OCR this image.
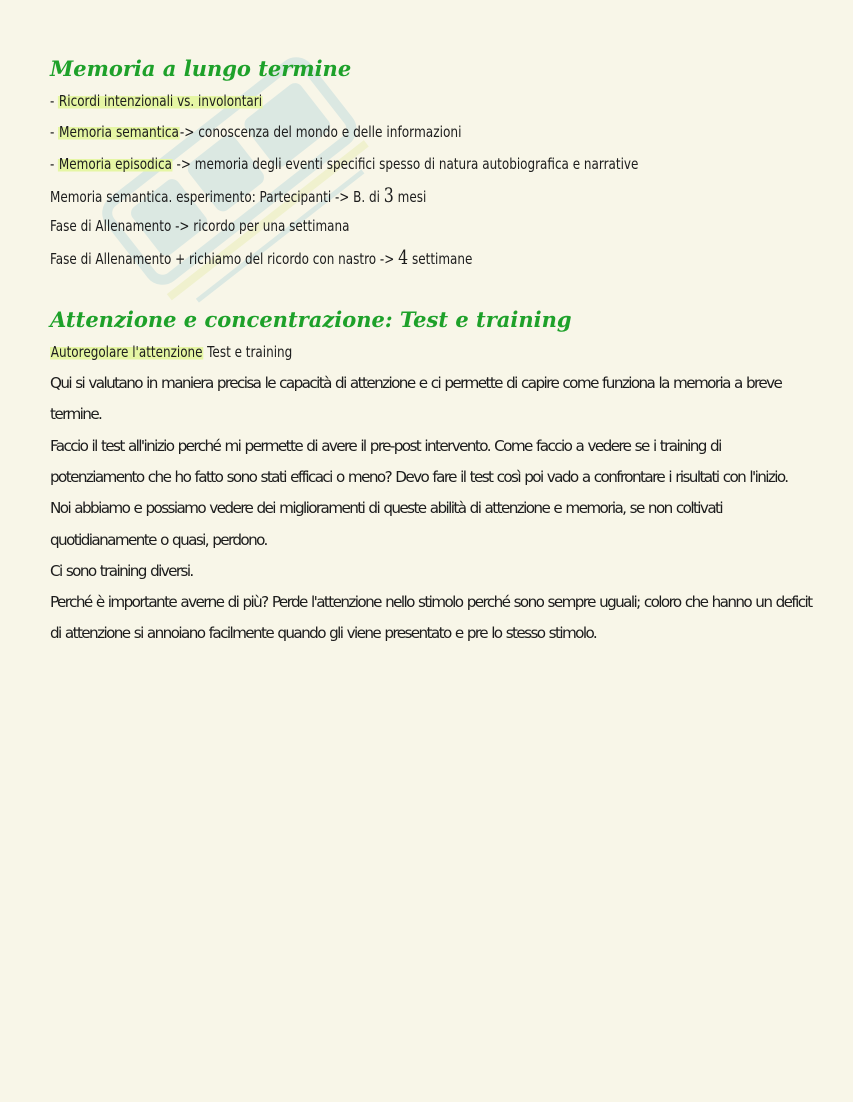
Memoria a lungo termine
- Ricordi intenzionali vs. involontari
- Memoria semantica-> conoscenza del mondo e delle informazioni
- Memoria episodica -> memoria degli eventi specifici spesso di natura autobiografica e narrative
Memoria semantica. esperimento: Partecipanti -> B. di 3 mesi
Fase di Allenamento -> ricordo per una settimana
Fase di Allenamento + richiamo del ricordo con nastro -> 4 settimane
Attenzione e concentrazione: Test e training
Autoregolare l'attenzione Test e training
Qui si valutano in maniera precisa le capacità di attenzione e ci permette di capire come funziona la memoria a breve termine.
Faccio il test all'inizio perché mi permette di avere il pre-post intervento. Come faccio a vedere se i training di potenziamento che ho fatto sono stati efficaci o meno? Devo fare il test così poi vado a confrontare i risultati con l'inizio.
Noi abbiamo e possiamo vedere dei miglioramenti di queste abilità di attenzione e memoria, se non coltivati quotidianamente o quasi, perdono.
Ci sono training diversi.
Perché è importante averne di più? Perde l'attenzione nello stimolo perché sono sempre uguali; coloro che hanno un deficit di attenzione si annoiano facilmente quando gli viene presentato e pre lo stesso stimolo.
